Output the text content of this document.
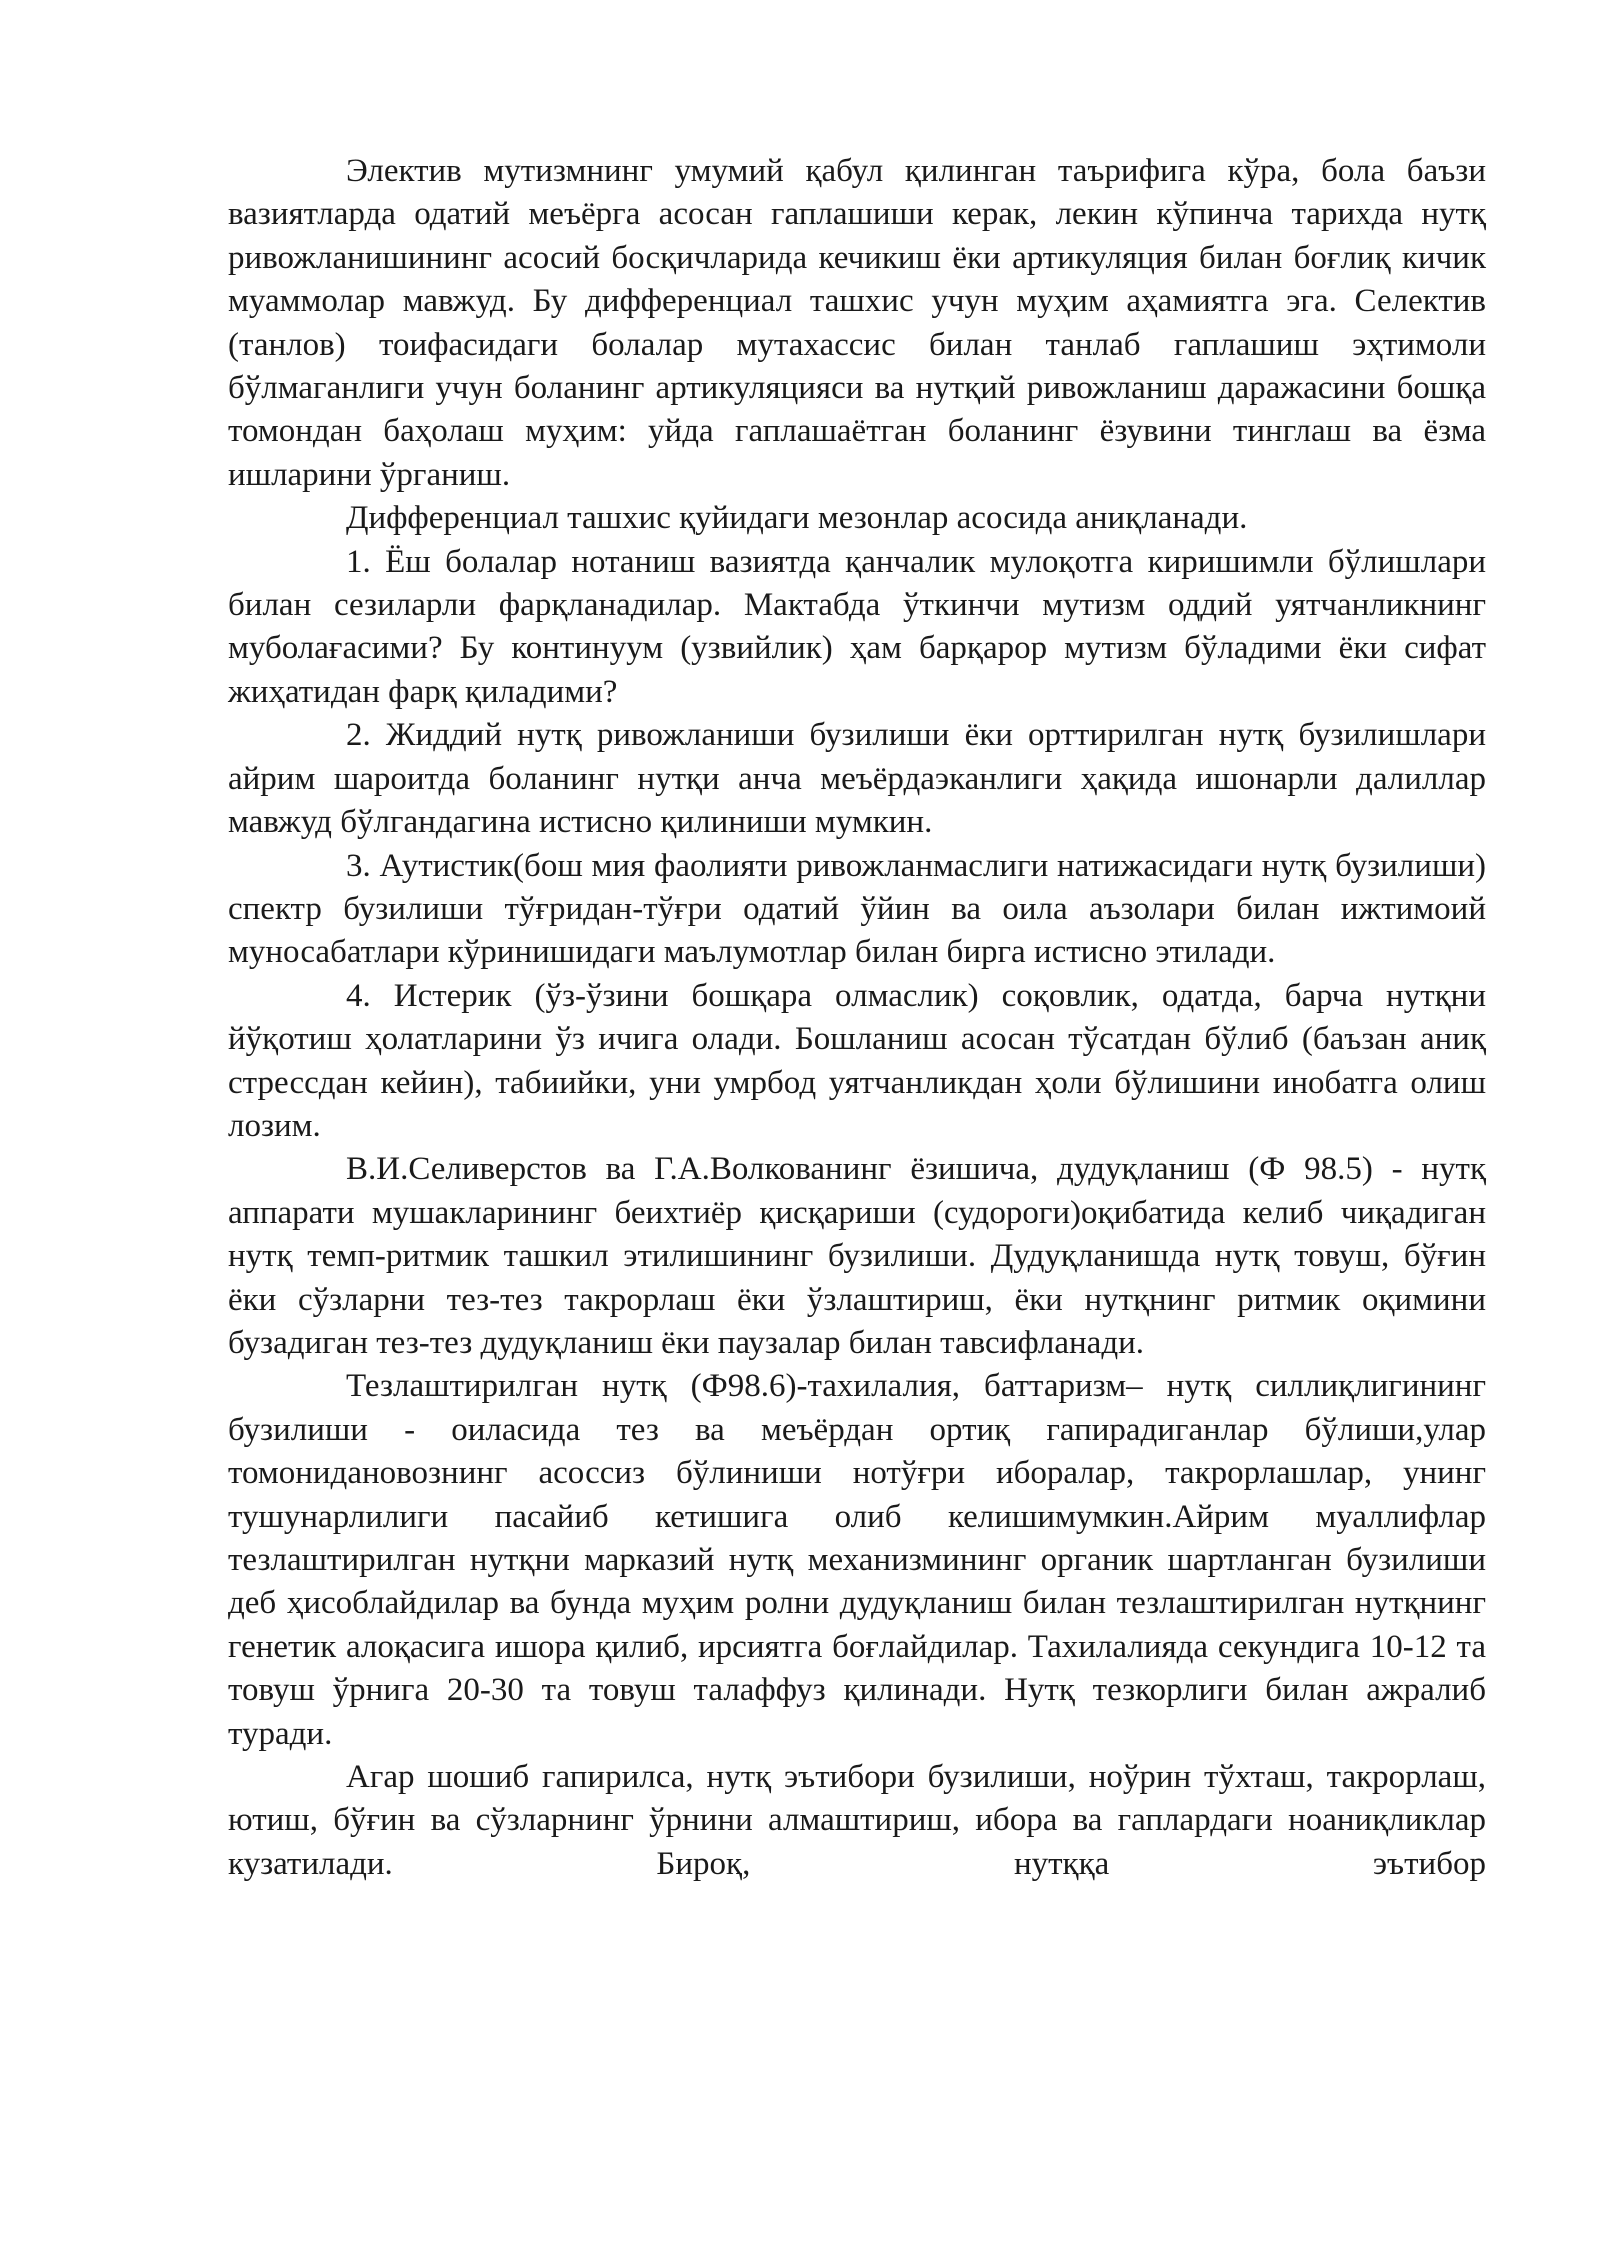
Электив мутизмнинг умумий қабул қилинган таърифига кўра, бола баъзи вазиятларда одатий меъёрга асосан гаплашиши керак, лекин кўпинча тарихда нутқ ривожланишининг асосий босқичларида кечикиш ёки артикуляция билан боғлиқ кичик муаммолар мавжуд. Бу дифференциал ташхис учун муҳим аҳамиятга эга. Селектив (танлов) тоифасидаги болалар мутахассис билан танлаб гаплашиш эҳтимоли бўлмаганлиги учун боланинг артикуляцияси ва нутқий ривожланиш даражасини бошқа томондан баҳолаш муҳим: уйда гаплашаётган боланинг ёзувини тинглаш ва ёзма ишларини ўрганиш.

Дифференциал ташхис қуйидаги мезонлар асосида аниқланади.

1. Ёш болалар нотаниш вазиятда қанчалик мулоқотга киришимли бўлишлари билан сезиларли фарқланадилар. Мактабда ўткинчи мутизм оддий уятчанликнинг муболағасими? Бу континуум (узвийлик) ҳам барқарор мутизм бўладими ёки сифат жиҳатидан фарқ қиладими?

2. Жиддий нутқ ривожланиши бузилиши ёки орттирилган нутқ бузилишлари айрим шароитда боланинг нутқи анча меъёрдаэканлиги ҳақида ишонарли далиллар мавжуд бўлгандагина истисно қилиниши мумкин.

3. Аутистик(бош мия фаолияти ривожланмаслиги натижасидаги нутқ бузилиши) спектр бузилиши тўғридан-тўғри одатий ўйин ва оила аъзолари билан ижтимоий муносабатлари кўринишидаги маълумотлар билан бирга истисно этилади.

4. Истерик (ўз-ўзини бошқара олмаслик) соқовлик, одатда, барча нутқни йўқотиш ҳолатларини ўз ичига олади. Бошланиш асосан тўсатдан бўлиб (баъзан аниқ стрессдан кейин), табиийки, уни умрбод уятчанликдан ҳоли бўлишини инобатга олиш лозим.

В.И.Селиверстов ва Г.А.Волкованинг ёзишича, дудуқланиш (Ф 98.5) - нутқ аппарати мушакларининг беихтиёр қисқариши (судороги)оқибатида келиб чиқадиган нутқ темп-ритмик ташкил этилишининг бузилиши. Дудуқланишда нутқ товуш, бўғин ёки сўзларни тез-тез такрорлаш ёки ўзлаштириш, ёки нутқнинг ритмик оқимини бузадиган тез-тез дудуқланиш ёки паузалар билан тавсифланади.

Тезлаштирилган нутқ (Ф98.6)-тахилалия, баттаризм– нутқ силлиқлигининг бузилиши - оиласида тез ва меъёрдан ортиқ гапирадиганлар бўлиши,улар томонидановознинг асоссиз бўлиниши нотўғри иборалар, такрорлашлар, унинг тушунарлилиги пасайиб кетишига олиб келишимумкин.Айрим муаллифлар тезлаштирилган нутқни марказий нутқ механизмининг органик шартланган бузилиши деб ҳисоблайдилар ва бунда муҳим ролни дудуқланиш билан тезлаштирилган нутқнинг генетик алоқасига ишора қилиб, ирсиятга боғлайдилар. Тахилалияда секундига 10-12 та товуш ўрнига 20-30 та товуш талаффуз қилинади. Нутқ тезкорлиги билан ажралиб туради.

Агар шошиб гапирилса, нутқ эътибори бузилиши, ноўрин тўхташ, такрорлаш, ютиш, бўғин ва сўзларнинг ўрнини алмаштириш, ибора ва гаплардаги ноаниқликлар кузатилади. Бироқ, нутққа эътибор
